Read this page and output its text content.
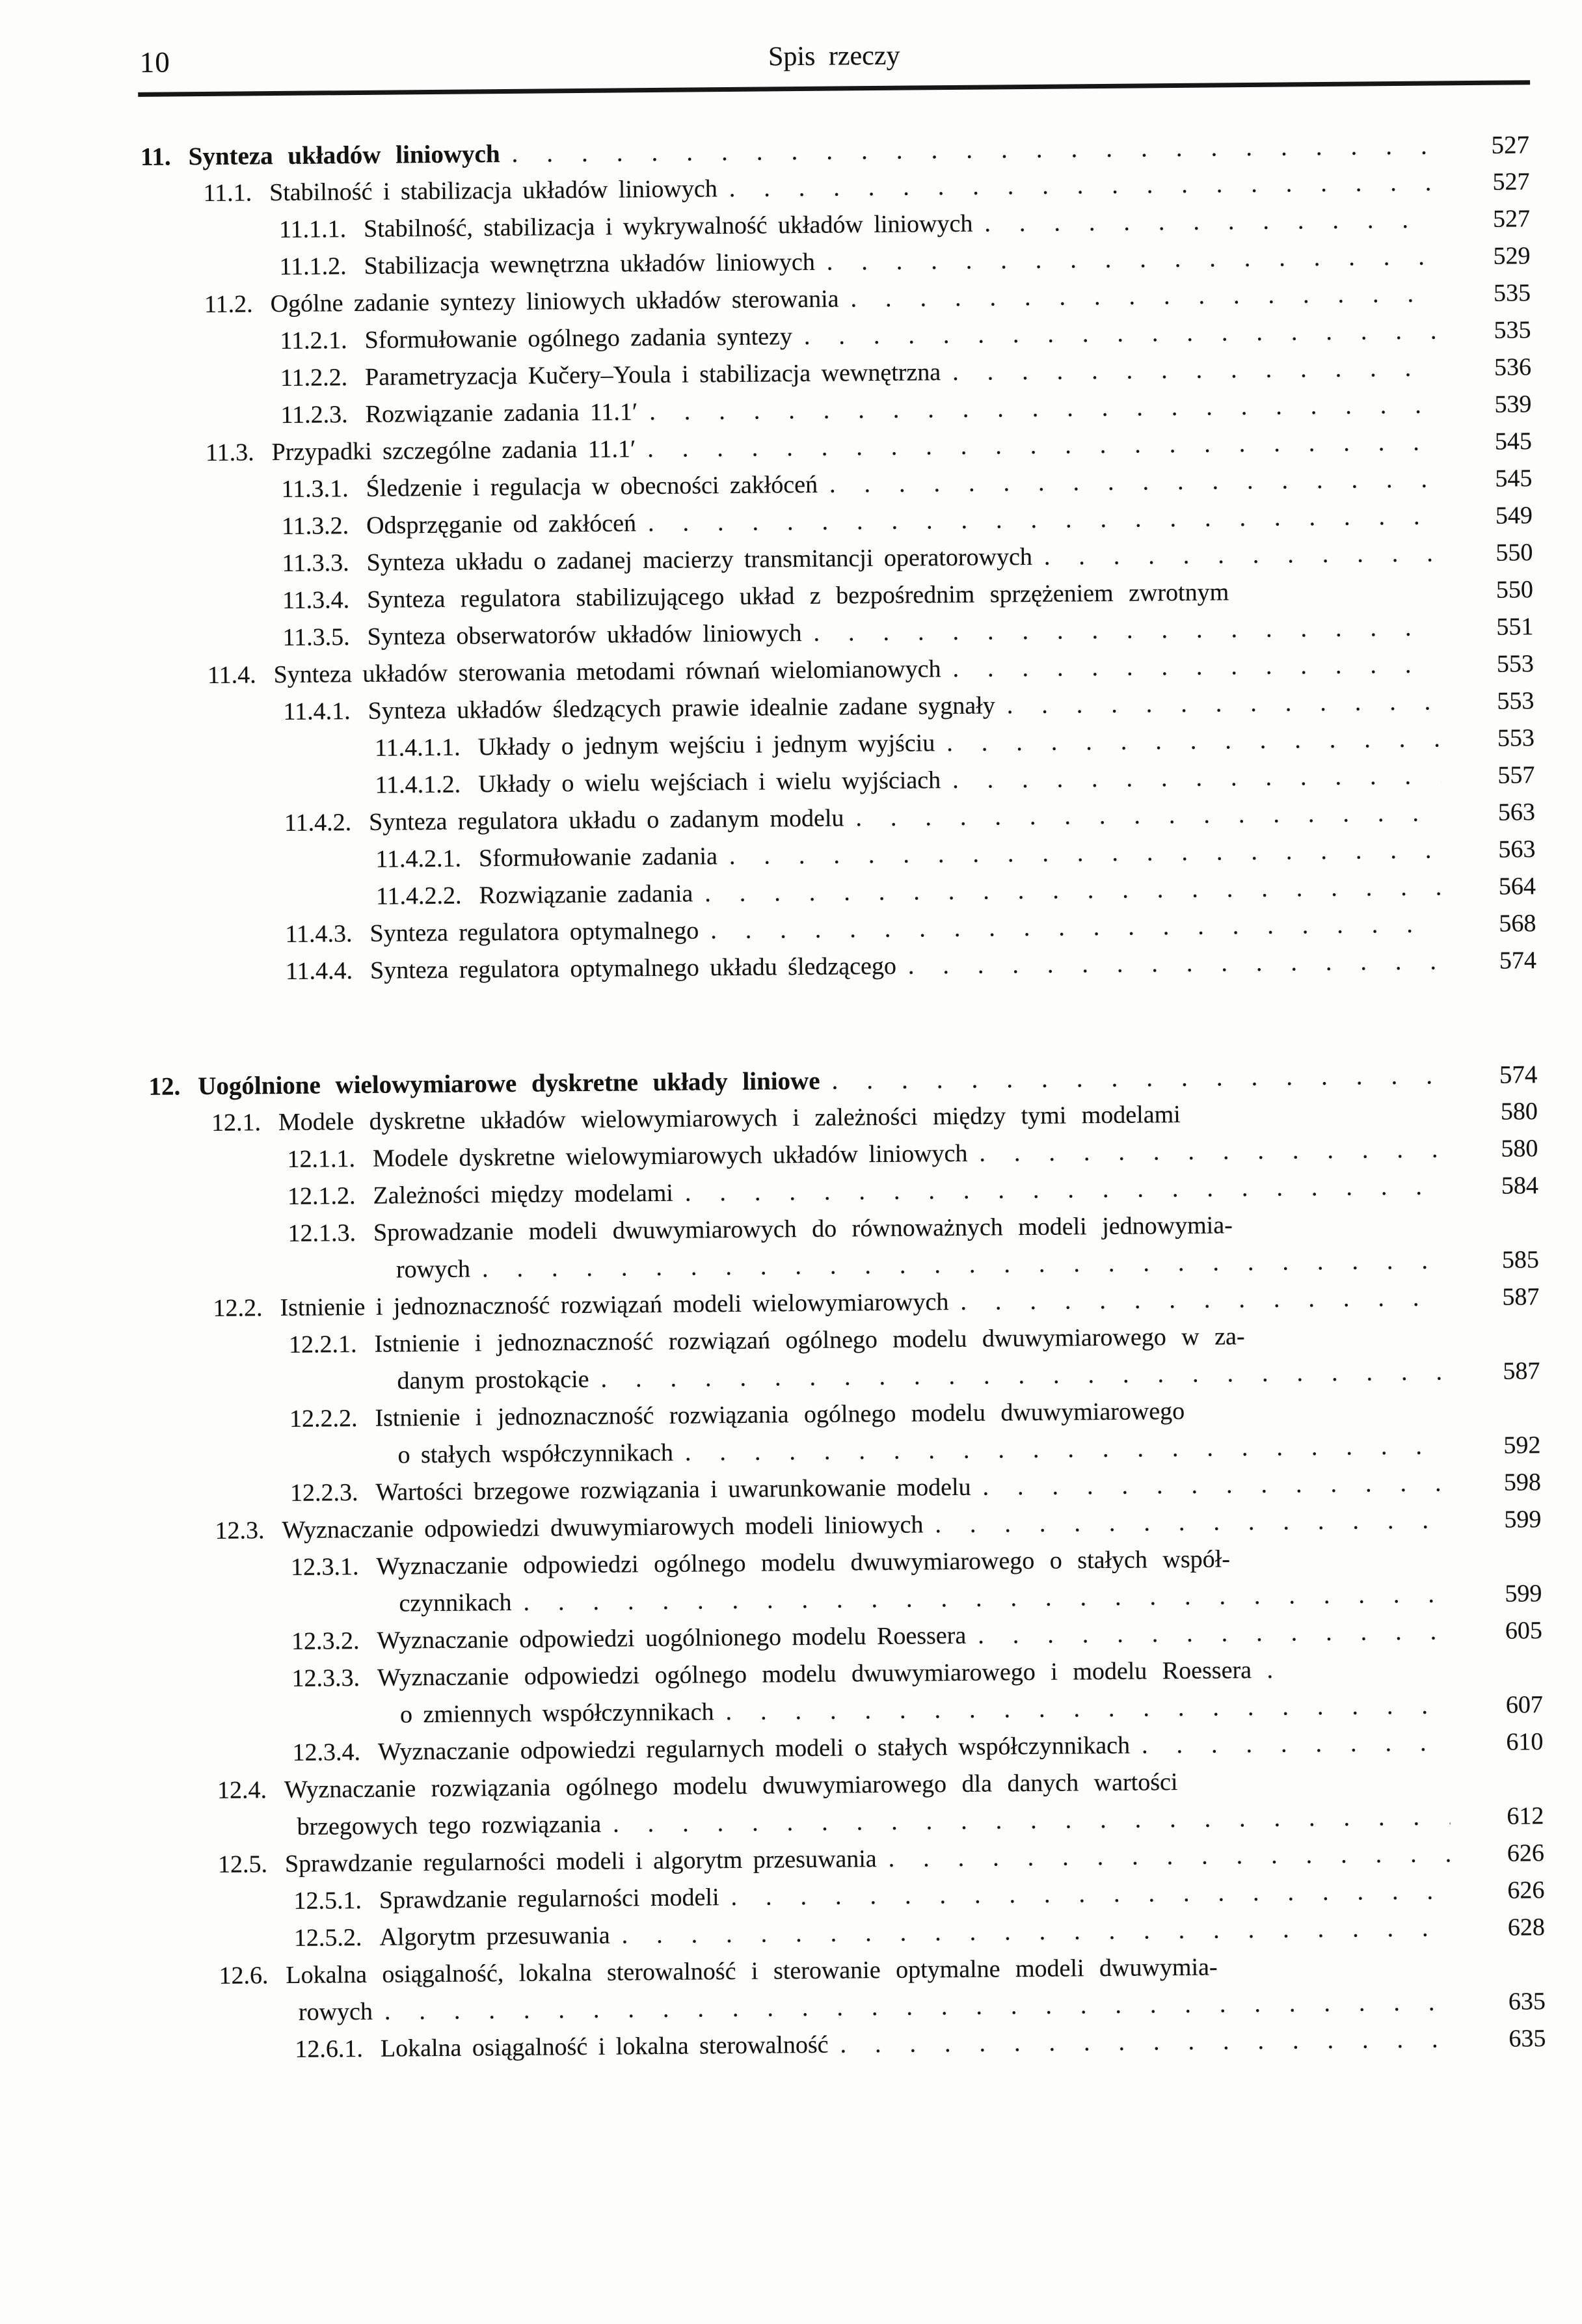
10	Spis rzeczy
11. Synteza układów liniowych .....	527
11.1. Stabilność i stabilizacja układów liniowych .....	527
11.1.1. Stabilność, stabilizacja i wykrywalność układów liniowych .....	527
11.1.2. Stabilizacja wewnętrzna układów liniowych .....	529
11.2. Ogólne zadanie syntezy liniowych układów sterowania .....	535
11.2.1. Sformułowanie ogólnego zadania syntezy .....	535
11.2.2. Parametryzacja Kučery–Youla i stabilizacja wewnętrzna .....	536
11.2.3. Rozwiązanie zadania 11.1′ .....	539
11.3. Przypadki szczególne zadania 11.1′ .....	545
11.3.1. Śledzenie i regulacja w obecności zakłóceń .....	545
11.3.2. Odsprzęganie od zakłóceń .....	549
11.3.3. Synteza układu o zadanej macierzy transmitancji operatorowych .....	550
11.3.4. Synteza regulatora stabilizującego układ z bezpośrednim sprzężeniem zwrotnym	550
11.3.5. Synteza obserwatorów układów liniowych .....	551
11.4. Synteza układów sterowania metodami równań wielomianowych .....	553
11.4.1. Synteza układów śledzących prawie idealnie zadane sygnały .....	553
11.4.1.1. Układy o jednym wejściu i jednym wyjściu .....	553
11.4.1.2. Układy o wielu wejściach i wielu wyjściach .....	557
11.4.2. Synteza regulatora układu o zadanym modelu .....	563
11.4.2.1. Sformułowanie zadania .....	563
11.4.2.2. Rozwiązanie zadania .....	564
11.4.3. Synteza regulatora optymalnego .....	568
11.4.4. Synteza regulatora optymalnego układu śledzącego .....	574
12. Uogólnione wielowymiarowe dyskretne układy liniowe .....	574
12.1. Modele dyskretne układów wielowymiarowych i zależności między tymi modelami	580
12.1.1. Modele dyskretne wielowymiarowych układów liniowych .....	580
12.1.2. Zależności między modelami .....	584
12.1.3. Sprowadzanie modeli dwuwymiarowych do równoważnych modeli jednowymia-
rowych .....	585
12.2. Istnienie i jednoznaczność rozwiązań modeli wielowymiarowych .....	587
12.2.1. Istnienie i jednoznaczność rozwiązań ogólnego modelu dwuwymiarowego w za-
danym prostokącie .....	587
12.2.2. Istnienie i jednoznaczność rozwiązania ogólnego modelu dwuwymiarowego
o stałych współczynnikach .....	592
12.2.3. Wartości brzegowe rozwiązania i uwarunkowanie modelu .....	598
12.3. Wyznaczanie odpowiedzi dwuwymiarowych modeli liniowych .....	599
12.3.1. Wyznaczanie odpowiedzi ogólnego modelu dwuwymiarowego o stałych współ-
czynnikach .....	599
12.3.2. Wyznaczanie odpowiedzi uogólnionego modelu Roessera .....	605
12.3.3. Wyznaczanie odpowiedzi ogólnego modelu dwuwymiarowego i modelu Roessera .
o zmiennych współczynnikach .....	607
12.3.4. Wyznaczanie odpowiedzi regularnych modeli o stałych współczynnikach .....	610
12.4. Wyznaczanie rozwiązania ogólnego modelu dwuwymiarowego dla danych wartości
brzegowych tego rozwiązania .....	612
12.5. Sprawdzanie regularności modeli i algorytm przesuwania .....	626
12.5.1. Sprawdzanie regularności modeli .....	626
12.5.2. Algorytm przesuwania .....	628
12.6. Lokalna osiągalność, lokalna sterowalność i sterowanie optymalne modeli dwuwymia-
rowych .....	635
12.6.1. Lokalna osiągalność i lokalna sterowalność .....	635
